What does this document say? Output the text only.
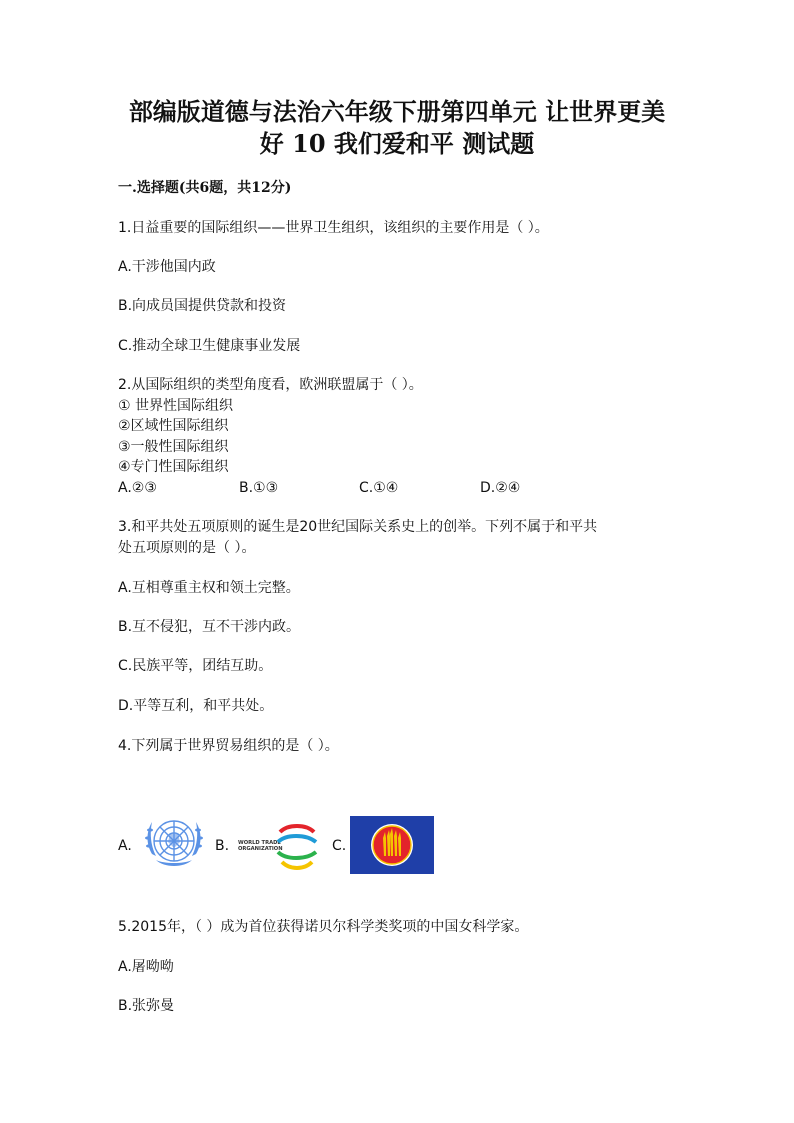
部编版道德与法治六年级下册第四单元 让世界更美
好 10 我们爱和平 测试题
一.选择题(共6题，共12分)
1.日益重要的国际组织——世界卫生组织，该组织的主要作用是（ ）。
A.干涉他国内政
B.向成员国提供贷款和投资
C.推动全球卫生健康事业发展
2.从国际组织的类型角度看，欧洲联盟属于（ ）。
① 世界性国际组织
②区域性国际组织
③一般性国际组织
④专门性国际组织
A.②③	B.①③	C.①④	D.②④
3.和平共处五项原则的诞生是20世纪国际关系史上的创举。下列不属于和平共
处五项原则的是（ ）。
A.互相尊重主权和领土完整。
B.互不侵犯，互不干涉内政。
C.民族平等，团结互助。
D.平等互利，和平共处。
4.下列属于世界贸易组织的是（ ）。
A.	B. WORLD TRADE
ORGANIZATION	C.
5.2015年，（ ）成为首位获得诺贝尔科学类奖项的中国女科学家。
A.屠呦呦
B.张弥曼
